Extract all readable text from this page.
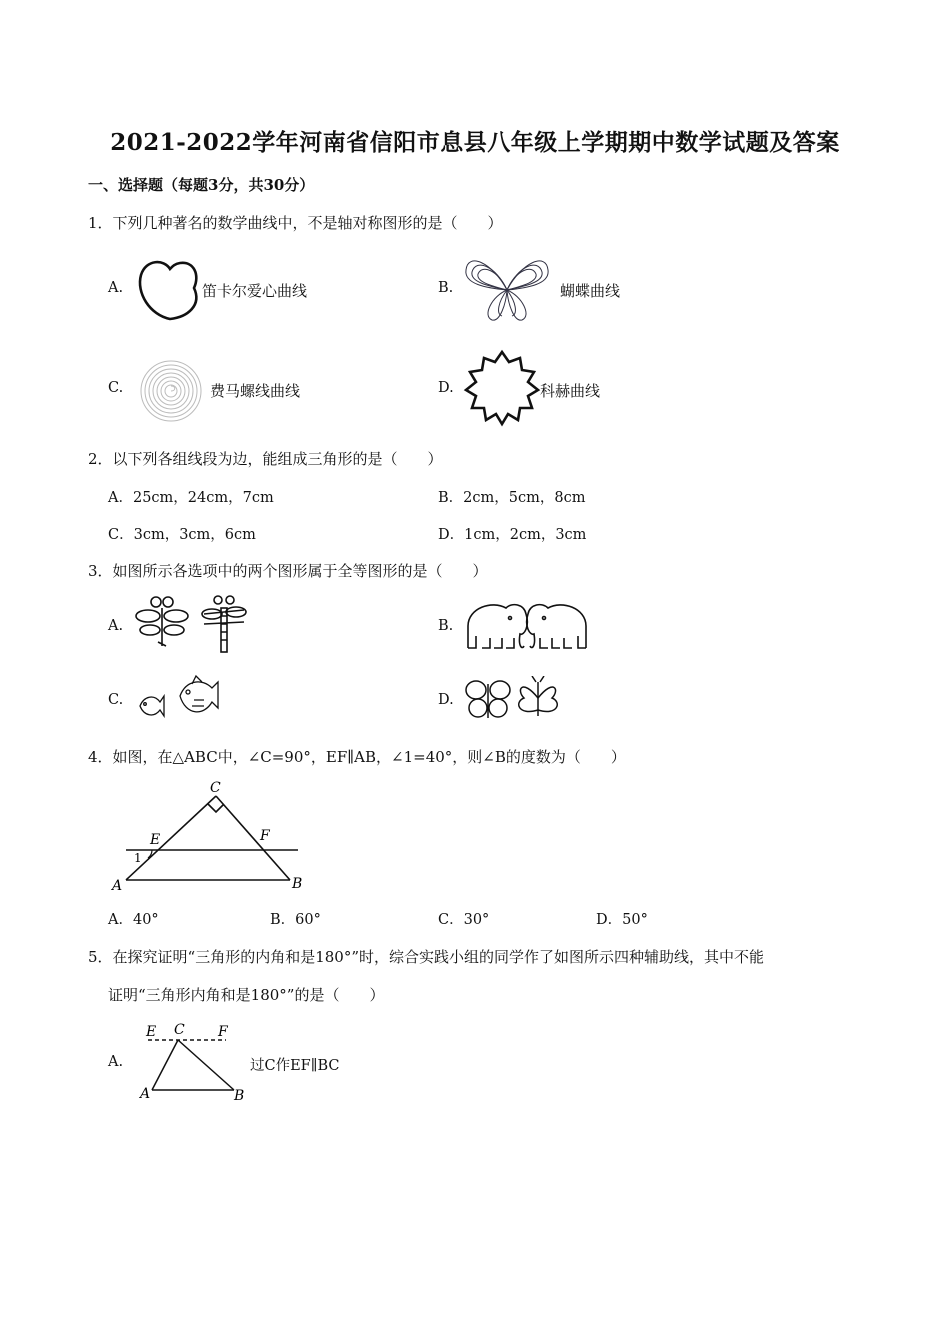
2021-2022学年河南省信阳市息县八年级上学期期中数学试题及答案
一、选择题（每题3分，共30分）
1．下列几种著名的数学曲线中，不是轴对称图形的是（　　）
A.	笛卡尔爱心曲线	B.	蝴蝶曲线
C.	费马螺线曲线	D.	科赫曲线
2．以下列各组线段为边，能组成三角形的是（　　）
A．25cm，24cm，7cm	B．2cm，5cm，8cm
C．3cm，3cm，6cm	D．1cm，2cm，3cm
3．如图所示各选项中的两个图形属于全等图形的是（　　）
A.	B.
C.	D.
4．如图，在△ABC中，∠C=90°，EF∥AB，∠1=40°，则∠B的度数为（　　）
C
E	F
1
A	B
A．40°	B．60°	C．30°	D．50°
5．在探究证明“三角形的内角和是180°”时，综合实践小组的同学作了如图所示四种辅助线，其中不能
证明“三角形内角和是180°”的是（　　）
A.
E C F
A	B
过C作EF∥BC
